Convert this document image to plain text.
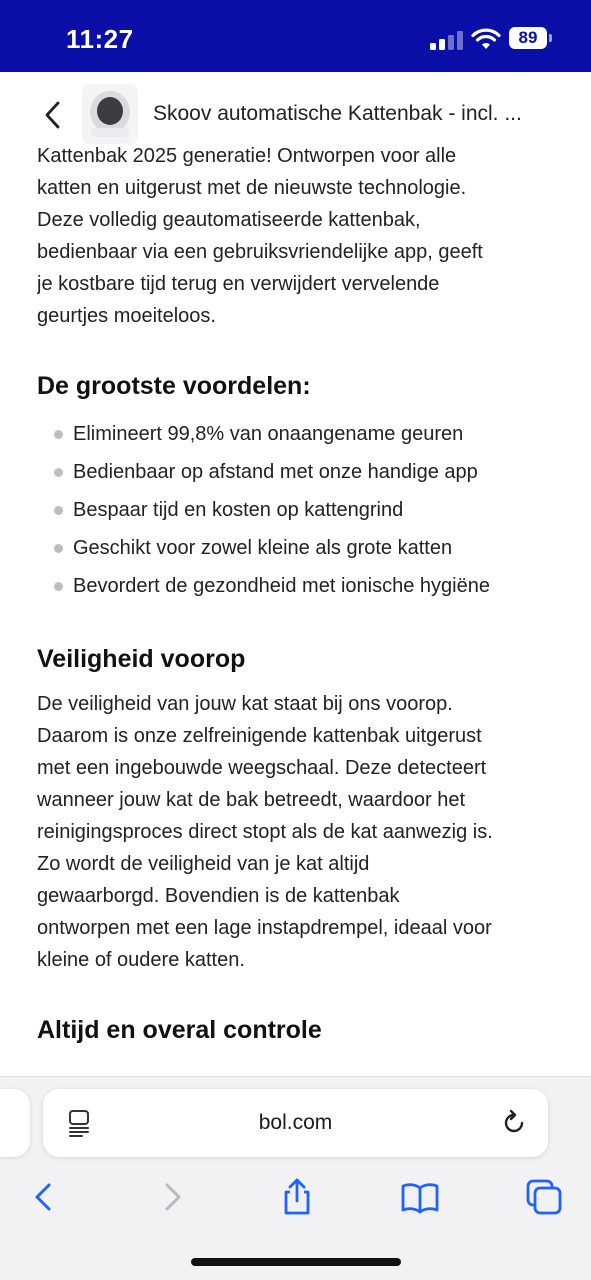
11:27	89
Skoov automatische Kattenbak - incl. ...
Kattenbak 2025 generatie! Ontworpen voor alle
katten en uitgerust met de nieuwste technologie.
Deze volledig geautomatiseerde kattenbak,
bedienbaar via een gebruiksvriendelijke app, geeft
je kostbare tijd terug en verwijdert vervelende
geurtjes moeiteloos.
De grootste voordelen:
Elimineert 99,8% van onaangename geuren
Bedienbaar op afstand met onze handige app
Bespaar tijd en kosten op kattengrind
Geschikt voor zowel kleine als grote katten
Bevordert de gezondheid met ionische hygiëne
Veiligheid voorop
De veiligheid van jouw kat staat bij ons voorop.
Daarom is onze zelfreinigende kattenbak uitgerust
met een ingebouwde weegschaal. Deze detecteert
wanneer jouw kat de bak betreedt, waardoor het
reinigingsproces direct stopt als de kat aanwezig is.
Zo wordt de veiligheid van je kat altijd
gewaarborgd. Bovendien is de kattenbak
ontworpen met een lage instapdrempel, ideaal voor
kleine of oudere katten.
Altijd en overal controle
bol.com
